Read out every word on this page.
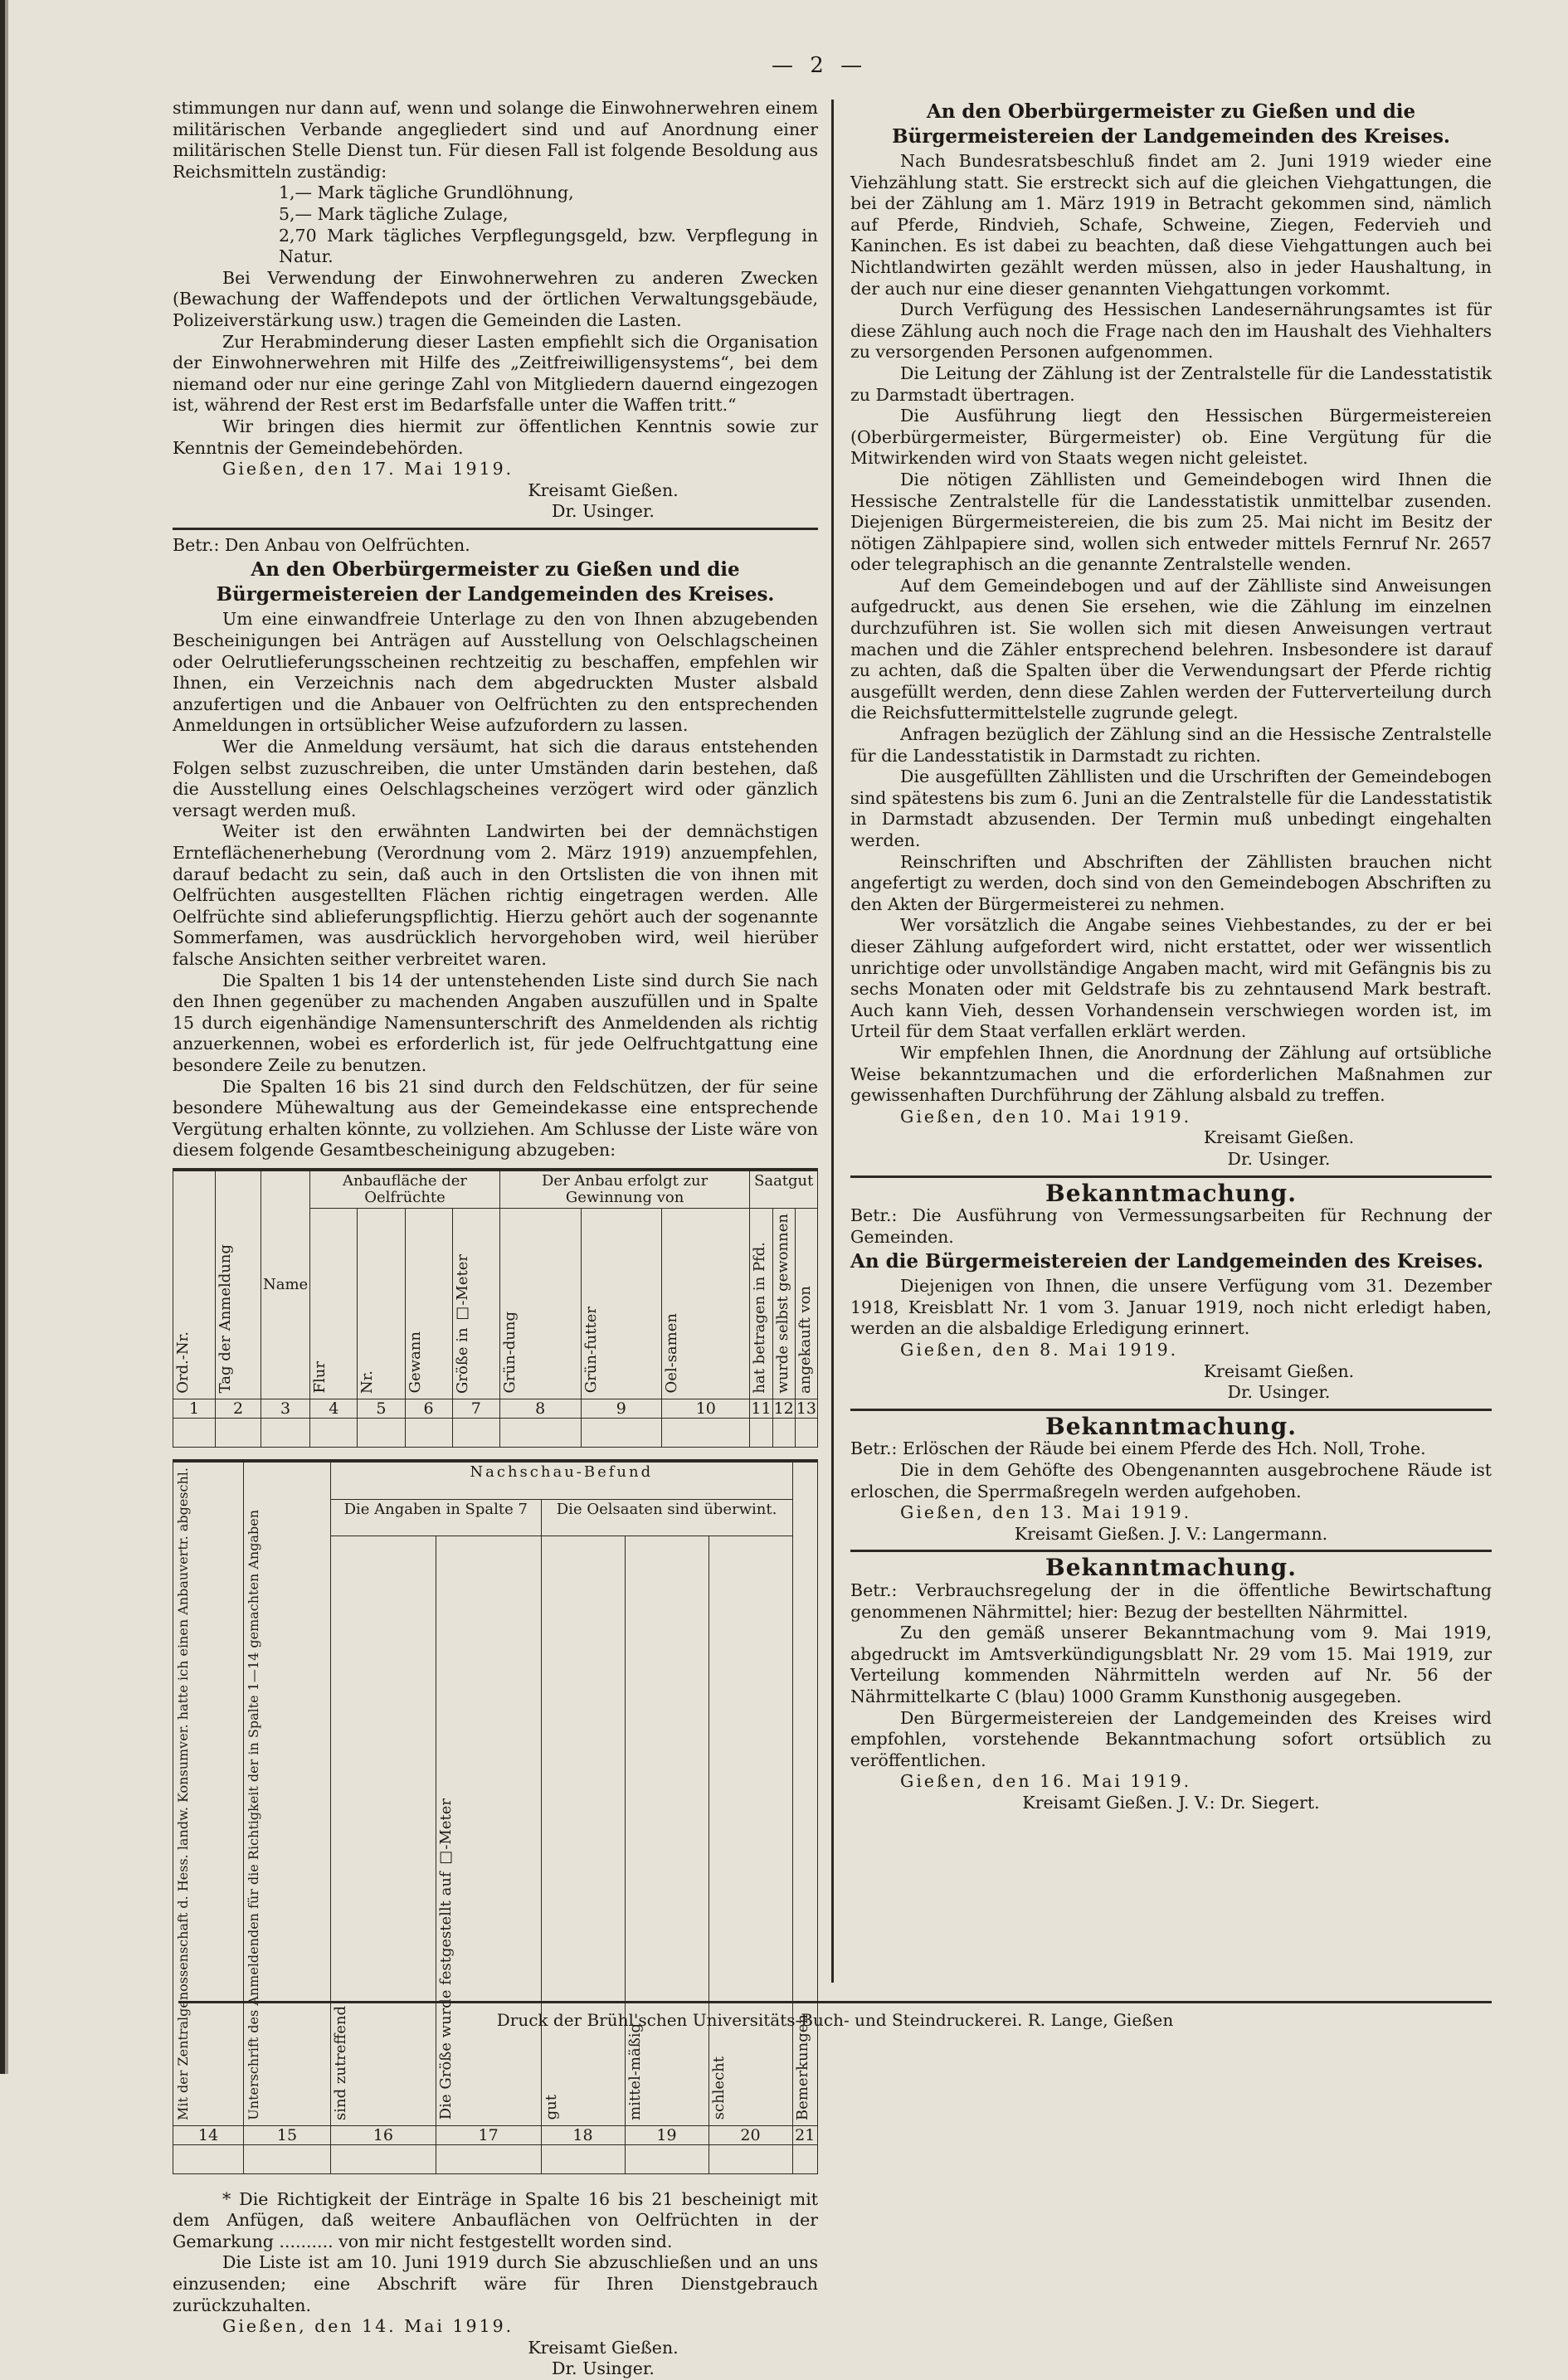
— 2 —

stimmungen nur dann auf, wenn und solange die Einwohnerwehren einem militärischen Verbande angegliedert sind und auf Anordnung einer militärischen Stelle Dienst tun. Für diesen Fall ist folgende Besoldung aus Reichsmitteln zuständig:

1,— Mark tägliche Grundlöhnung,

5,— Mark tägliche Zulage,

2,70 Mark tägliches Verpflegungsgeld, bzw. Verpflegung in Natur.

Bei Verwendung der Einwohnerwehren zu anderen Zwecken (Bewachung der Waffendepots und der örtlichen Verwaltungsgebäude, Polizeiverstärkung usw.) tragen die Gemeinden die Lasten.

Zur Herabminderung dieser Lasten empfiehlt sich die Organisation der Einwohnerwehren mit Hilfe des „Zeitfreiwilligensystems“, bei dem niemand oder nur eine geringe Zahl von Mitgliedern dauernd eingezogen ist, während der Rest erst im Bedarfsfalle unter die Waffen tritt.“

Wir bringen dies hiermit zur öffentlichen Kenntnis sowie zur Kenntnis der Gemeindebehörden.

Gießen, den 17. Mai 1919.

Kreisamt Gießen.

Dr. Usinger.

Betr.: Den Anbau von Oelfrüchten.

An den Oberbürgermeister zu Gießen und die Bürgermeistereien der Landgemeinden des Kreises.

Um eine einwandfreie Unterlage zu den von Ihnen abzugebenden Bescheinigungen bei Anträgen auf Ausstellung von Oelschlagscheinen oder Oelrutlieferungsscheinen rechtzeitig zu beschaffen, empfehlen wir Ihnen, ein Verzeichnis nach dem abgedruckten Muster alsbald anzufertigen und die Anbauer von Oelfrüchten zu den entsprechenden Anmeldungen in ortsüblicher Weise aufzufordern zu lassen.

Wer die Anmeldung versäumt, hat sich die daraus entstehenden Folgen selbst zuzuschreiben, die unter Umständen darin bestehen, daß die Ausstellung eines Oelschlagscheines verzögert wird oder gänzlich versagt werden muß.

Weiter ist den erwähnten Landwirten bei der demnächstigen Ernteflächenerhebung (Verordnung vom 2. März 1919) anzuempfehlen, darauf bedacht zu sein, daß auch in den Ortslisten die von ihnen mit Oelfrüchten ausgestellten Flächen richtig eingetragen werden. Alle Oelfrüchte sind ablieferungspflichtig. Hierzu gehört auch der sogenannte Sommerfamen, was ausdrücklich hervorgehoben wird, weil hierüber falsche Ansichten seither verbreitet waren.

Die Spalten 1 bis 14 der untenstehenden Liste sind durch Sie nach den Ihnen gegenüber zu machenden Angaben auszufüllen und in Spalte 15 durch eigenhändige Namensunterschrift des Anmeldenden als richtig anzuerkennen, wobei es erforderlich ist, für jede Oelfruchtgattung eine besondere Zeile zu benutzen.

Die Spalten 16 bis 21 sind durch den Feldschützen, der für seine besondere Mühewaltung aus der Gemeindekasse eine entsprechende Vergütung erhalten könnte, zu vollziehen. Am Schlusse der Liste wäre von diesem folgende Gesamtbescheinigung abzugeben:

Ord.-Nr.	Tag der Anmeldung	Name	Anbaufläche der Oelfrüchte				Der Anbau erfolgt zur Gewinnung von			Saatgut		

			Flur	Nr.	Gewann	Größe in □-Meter	Grün-dung	Grün-futter	Oel-samen	hat betragen in Pfd.	wurde selbst gewonnen	angekauft von

1	2	3	4	5	6	7	8	9	10	11	12	13

Mit der Zentralgenossenschaft d. Hess. landw. Konsumver. hatte ich einen Anbauvertr. abgeschl.	Unterschrift des Anmeldenden für die Richtigkeit der in Spalte 1—14 gemachten Angaben	Nachschau-Befund					Bemerkungen

		Die Angaben in Spalte 7		Die Oelsaaten sind überwint.			

		sind zutreffend	Die Größe wurde festgestellt auf □-Meter	gut	mittel-mäßig	schlecht	

14	15	16	17	18	19	20	21

* Die Richtigkeit der Einträge in Spalte 16 bis 21 bescheinigt mit dem Anfügen, daß weitere Anbauflächen von Oelfrüchten in der Gemarkung .......... von mir nicht festgestellt worden sind.

Die Liste ist am 10. Juni 1919 durch Sie abzuschließen und an uns einzusenden; eine Abschrift wäre für Ihren Dienstgebrauch zurückzuhalten.

Gießen, den 14. Mai 1919.

Kreisamt Gießen.

Dr. Usinger.

An den Oberbürgermeister zu Gießen und die Bürgermeistereien der Landgemeinden des Kreises.

Nach Bundesratsbeschluß findet am 2. Juni 1919 wieder eine Viehzählung statt. Sie erstreckt sich auf die gleichen Viehgattungen, die bei der Zählung am 1. März 1919 in Betracht gekommen sind, nämlich auf Pferde, Rindvieh, Schafe, Schweine, Ziegen, Federvieh und Kaninchen. Es ist dabei zu beachten, daß diese Viehgattungen auch bei Nichtlandwirten gezählt werden müssen, also in jeder Haushaltung, in der auch nur eine dieser genannten Viehgattungen vorkommt.

Durch Verfügung des Hessischen Landesernährungsamtes ist für diese Zählung auch noch die Frage nach den im Haushalt des Viehhalters zu versorgenden Personen aufgenommen.

Die Leitung der Zählung ist der Zentralstelle für die Landesstatistik zu Darmstadt übertragen.

Die Ausführung liegt den Hessischen Bürgermeistereien (Oberbürgermeister, Bürgermeister) ob. Eine Vergütung für die Mitwirkenden wird von Staats wegen nicht geleistet.

Die nötigen Zähllisten und Gemeindebogen wird Ihnen die Hessische Zentralstelle für die Landesstatistik unmittelbar zusenden. Diejenigen Bürgermeistereien, die bis zum 25. Mai nicht im Besitz der nötigen Zählpapiere sind, wollen sich entweder mittels Fernruf Nr. 2657 oder telegraphisch an die genannte Zentralstelle wenden.

Auf dem Gemeindebogen und auf der Zählliste sind Anweisungen aufgedruckt, aus denen Sie ersehen, wie die Zählung im einzelnen durchzuführen ist. Sie wollen sich mit diesen Anweisungen vertraut machen und die Zähler entsprechend belehren. Insbesondere ist darauf zu achten, daß die Spalten über die Verwendungsart der Pferde richtig ausgefüllt werden, denn diese Zahlen werden der Futterverteilung durch die Reichsfuttermittelstelle zugrunde gelegt.

Anfragen bezüglich der Zählung sind an die Hessische Zentralstelle für die Landesstatistik in Darmstadt zu richten.

Die ausgefüllten Zähllisten und die Urschriften der Gemeindebogen sind spätestens bis zum 6. Juni an die Zentralstelle für die Landesstatistik in Darmstadt abzusenden. Der Termin muß unbedingt eingehalten werden.

Reinschriften und Abschriften der Zähllisten brauchen nicht angefertigt zu werden, doch sind von den Gemeindebogen Abschriften zu den Akten der Bürgermeisterei zu nehmen.

Wer vorsätzlich die Angabe seines Viehbestandes, zu der er bei dieser Zählung aufgefordert wird, nicht erstattet, oder wer wissentlich unrichtige oder unvollständige Angaben macht, wird mit Gefängnis bis zu sechs Monaten oder mit Geldstrafe bis zu zehntausend Mark bestraft. Auch kann Vieh, dessen Vorhandensein verschwiegen worden ist, im Urteil für dem Staat verfallen erklärt werden.

Wir empfehlen Ihnen, die Anordnung der Zählung auf ortsübliche Weise bekanntzumachen und die erforderlichen Maßnahmen zur gewissenhaften Durchführung der Zählung alsbald zu treffen.

Gießen, den 10. Mai 1919.

Kreisamt Gießen.

Dr. Usinger.

Bekanntmachung.

Betr.: Die Ausführung von Vermessungsarbeiten für Rechnung der Gemeinden.

An die Bürgermeistereien der Landgemeinden des Kreises.

Diejenigen von Ihnen, die unsere Verfügung vom 31. Dezember 1918, Kreisblatt Nr. 1 vom 3. Januar 1919, noch nicht erledigt haben, werden an die alsbaldige Erledigung erinnert.

Gießen, den 8. Mai 1919.

Kreisamt Gießen.

Dr. Usinger.

Bekanntmachung.

Betr.: Erlöschen der Räude bei einem Pferde des Hch. Noll, Trohe.

Die in dem Gehöfte des Obengenannten ausgebrochene Räude ist erloschen, die Sperrmaßregeln werden aufgehoben.

Gießen, den 13. Mai 1919.

Kreisamt Gießen. J. V.: Langermann.

Bekanntmachung.

Betr.: Verbrauchsregelung der in die öffentliche Bewirtschaftung genommenen Nährmittel; hier: Bezug der bestellten Nährmittel.

Zu den gemäß unserer Bekanntmachung vom 9. Mai 1919, abgedruckt im Amtsverkündigungsblatt Nr. 29 vom 15. Mai 1919, zur Verteilung kommenden Nährmitteln werden auf Nr. 56 der Nährmittelkarte C (blau) 1000 Gramm Kunsthonig ausgegeben.

Den Bürgermeistereien der Landgemeinden des Kreises wird empfohlen, vorstehende Bekanntmachung sofort ortsüblich zu veröffentlichen.

Gießen, den 16. Mai 1919.

Kreisamt Gießen. J. V.: Dr. Siegert.

Druck der Brühl'schen Universitäts-Buch- und Steindruckerei. R. Lange, Gießen
